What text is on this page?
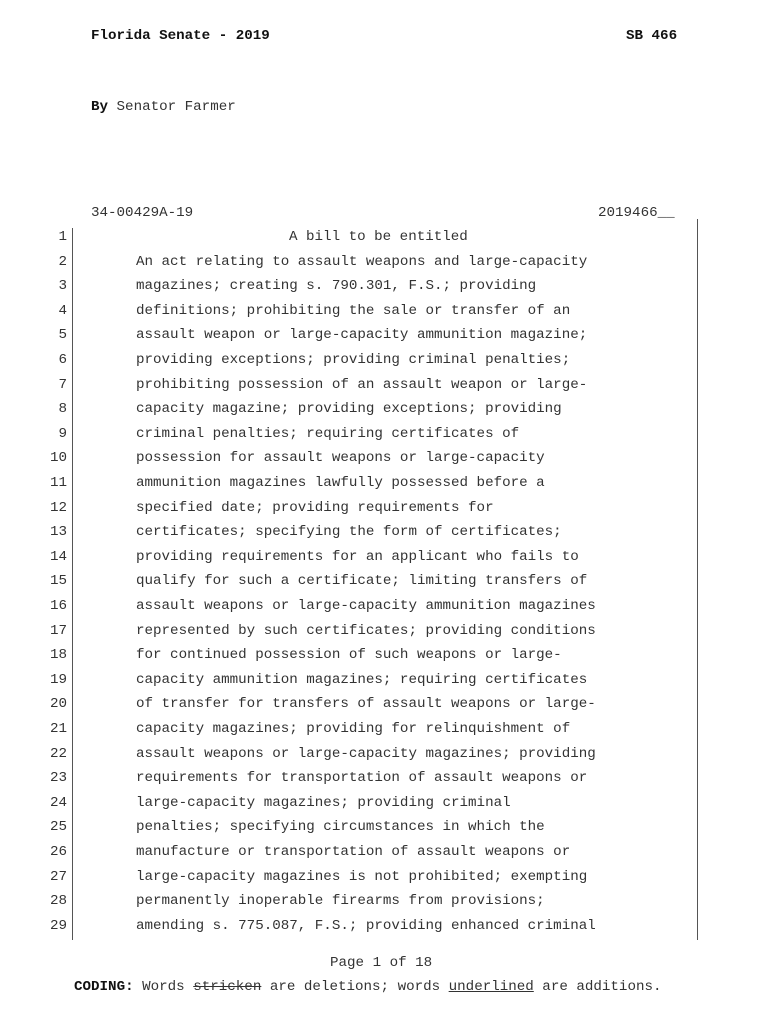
Florida Senate - 2019	SB 466
By Senator Farmer
34-00429A-19	2019466__
1	A bill to be entitled
2	An act relating to assault weapons and large-capacity
3	magazines; creating s. 790.301, F.S.; providing
4	definitions; prohibiting the sale or transfer of an
5	assault weapon or large-capacity ammunition magazine;
6	providing exceptions; providing criminal penalties;
7	prohibiting possession of an assault weapon or large-
8	capacity magazine; providing exceptions; providing
9	criminal penalties; requiring certificates of
10	possession for assault weapons or large-capacity
11	ammunition magazines lawfully possessed before a
12	specified date; providing requirements for
13	certificates; specifying the form of certificates;
14	providing requirements for an applicant who fails to
15	qualify for such a certificate; limiting transfers of
16	assault weapons or large-capacity ammunition magazines
17	represented by such certificates; providing conditions
18	for continued possession of such weapons or large-
19	capacity ammunition magazines; requiring certificates
20	of transfer for transfers of assault weapons or large-
21	capacity magazines; providing for relinquishment of
22	assault weapons or large-capacity magazines; providing
23	requirements for transportation of assault weapons or
24	large-capacity magazines; providing criminal
25	penalties; specifying circumstances in which the
26	manufacture or transportation of assault weapons or
27	large-capacity magazines is not prohibited; exempting
28	permanently inoperable firearms from provisions;
29	amending s. 775.087, F.S.; providing enhanced criminal
Page 1 of 18
CODING: Words stricken are deletions; words underlined are additions.
